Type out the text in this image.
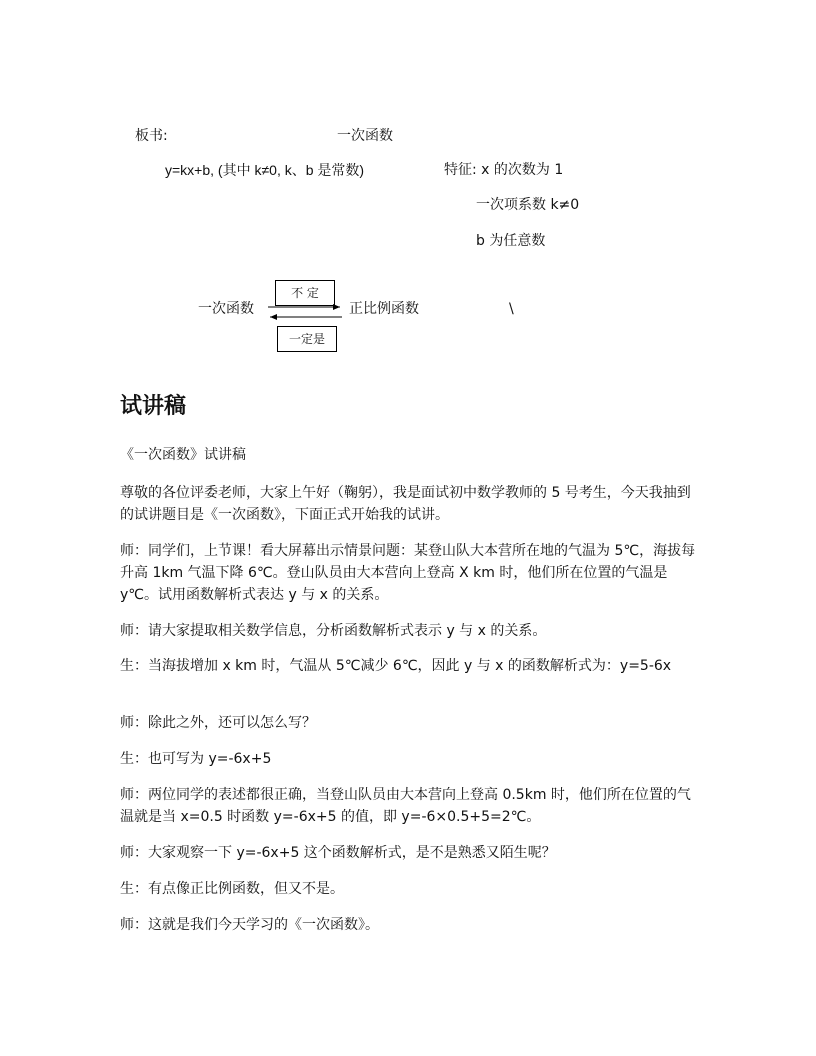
板书:	一次函数
y=kx+b, (其中 k≠0, k、b 是常数)	特征: x 的次数为 1
一次项系数 k≠0
b 为任意数
一次函数	正比例函数
不 定
一定是
\
试讲稿
《一次函数》试讲稿
尊敬的各位评委老师，大家上午好（鞠躬），我是面试初中数学教师的 5 号考生，今天我抽到的试讲题目是《一次函数》，下面正式开始我的试讲。
师：同学们，上节课！看大屏幕出示情景问题：某登山队大本营所在地的气温为 5℃，海拔每升高 1km 气温下降 6℃。登山队员由大本营向上登高 X km 时，他们所在位置的气温是 y℃。试用函数解析式表达 y 与 x 的关系。
师：请大家提取相关数学信息，分析函数解析式表示 y 与 x 的关系。
生：当海拔增加 x km 时，气温从 5℃减少 6℃，因此 y 与 x 的函数解析式为：y=5-6x
师：除此之外，还可以怎么写？
生：也可写为 y=-6x+5
师：两位同学的表述都很正确，当登山队员由大本营向上登高 0.5km 时，他们所在位置的气温就是当 x=0.5 时函数 y=-6x+5 的值，即 y=-6×0.5+5=2℃。
师：大家观察一下 y=-6x+5 这个函数解析式，是不是熟悉又陌生呢？
生：有点像正比例函数，但又不是。
师：这就是我们今天学习的《一次函数》。
